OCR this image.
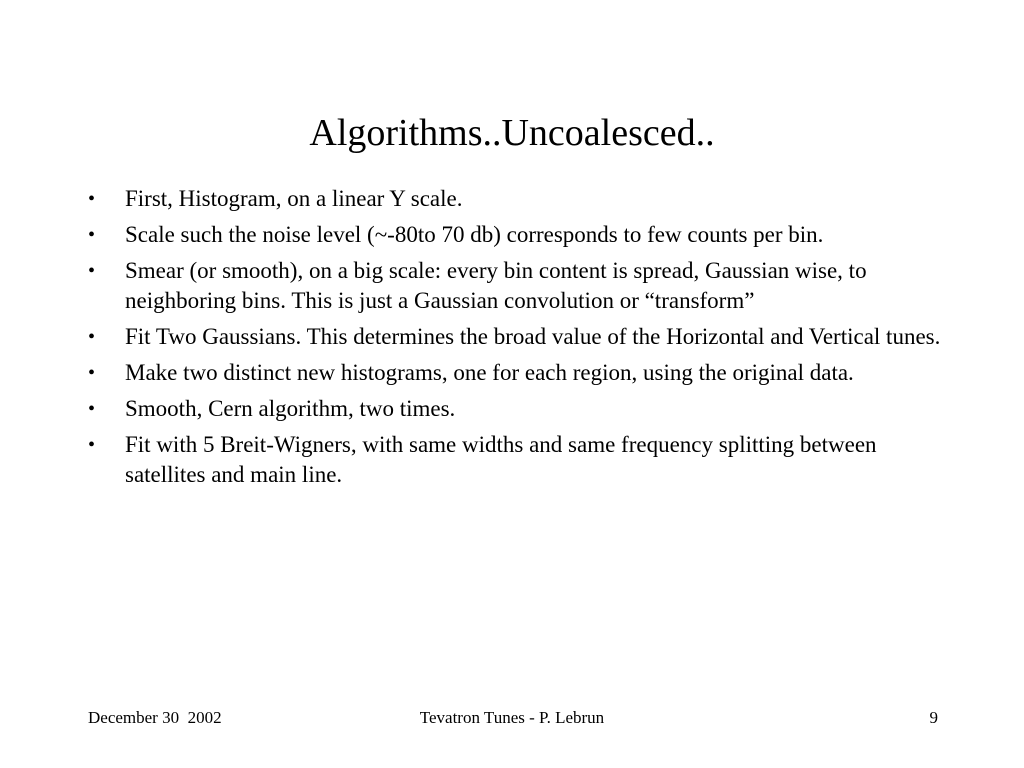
Algorithms..Uncoalesced..
•	First, Histogram, on a linear Y scale.
•	Scale such the noise level (~-80to 70 db) corresponds to few counts per bin.
•	Smear (or smooth), on a big scale: every bin content is spread, Gaussian wise, to neighboring bins. This is just a Gaussian convolution or “transform”
•	Fit Two Gaussians. This determines the broad value of the Horizontal and Vertical tunes.
•	Make two distinct new histograms, one for each region, using the original data.
•	Smooth, Cern algorithm, two times.
•	Fit with 5 Breit-Wigners, with same widths and same frequency splitting between satellites and main line.
December 30  2002	Tevatron Tunes - P. Lebrun	9
